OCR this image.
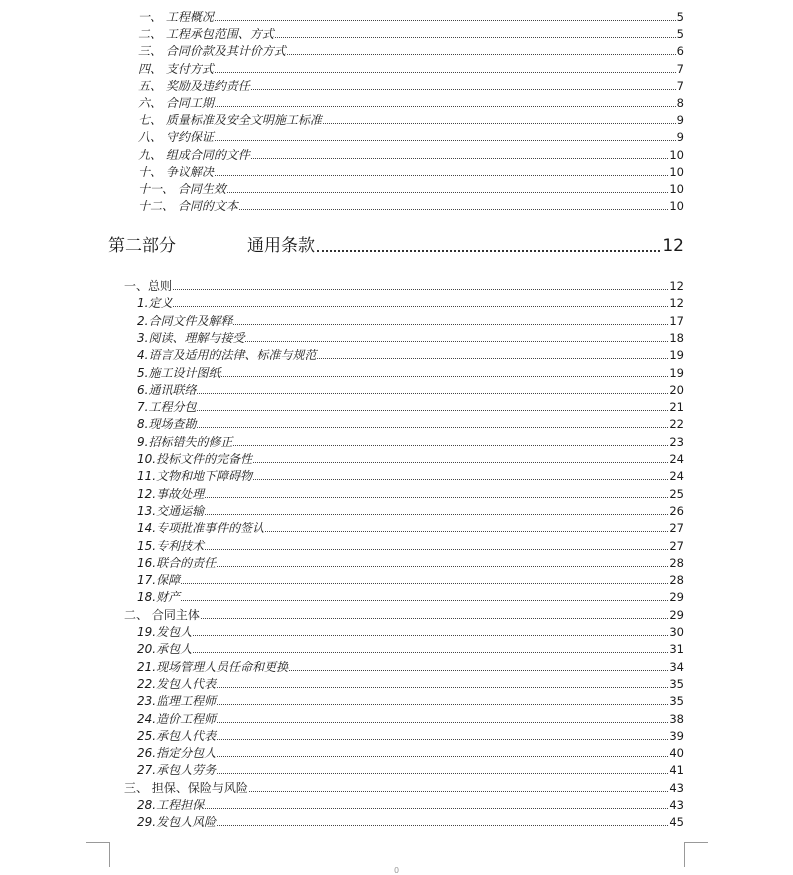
一、 工程概况	5
二、 工程承包范围、方式	5
三、 合同价款及其计价方式	6
四、 支付方式	7
五、 奖励及违约责任	7
六、 合同工期	8
七、 质量标准及安全文明施工标准	9
八、 守约保证	9
九、 组成合同的文件	10
十、 争议解决	10
十一、 合同生效	10
十二、 合同的文本	10
第二部分	通用条款	12
一、总则	12
1.定义	12
2.合同文件及解释	17
3.阅读、理解与接受	18
4.语言及适用的法律、标准与规范	19
5.施工设计图纸	19
6.通讯联络	20
7.工程分包	21
8.现场查勘	22
9.招标错失的修正	23
10.投标文件的完备性	24
11.文物和地下障碍物	24
12.事故处理	25
13.交通运输	26
14.专项批准事件的签认	27
15.专利技术	27
16.联合的责任	28
17.保障	28
18.财产	29
二、 合同主体	29
19.发包人	30
20.承包人	31
21.现场管理人员任命和更换	34
22.发包人代表	35
23.监理工程师	35
24.造价工程师	38
25.承包人代表	39
26.指定分包人	40
27.承包人劳务	41
三、 担保、保险与风险	43
28.工程担保	43
29.发包人风险	45
0
